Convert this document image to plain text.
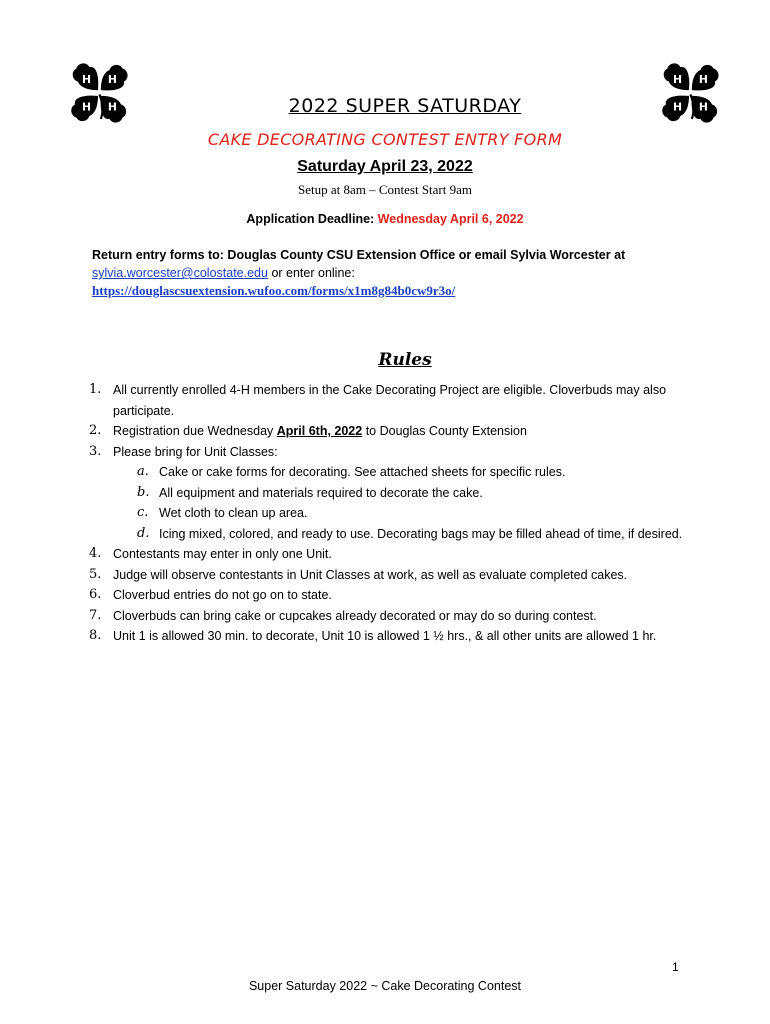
H H
H H
H H
H H
2022 SUPER SATURDAY
CAKE DECORATING CONTEST ENTRY FORM
Saturday April 23, 2022
Setup at 8am – Contest Start 9am
Application Deadline: Wednesday April 6, 2022
Return entry forms to: Douglas County CSU Extension Office or email Sylvia Worcester at
sylvia.worcester@colostate.edu or enter online:
https://douglascsuextension.wufoo.com/forms/x1m8g84b0cw9r3o/
Rules
1. All currently enrolled 4-H members in the Cake Decorating Project are eligible. Cloverbuds may also participate.
2. Registration due Wednesday April 6th, 2022 to Douglas County Extension
3. Please bring for Unit Classes:
a. Cake or cake forms for decorating. See attached sheets for specific rules.
b. All equipment and materials required to decorate the cake.
c. Wet cloth to clean up area.
d. Icing mixed, colored, and ready to use. Decorating bags may be filled ahead of time, if desired.
4. Contestants may enter in only one Unit.
5. Judge will observe contestants in Unit Classes at work, as well as evaluate completed cakes.
6. Cloverbud entries do not go on to state.
7. Cloverbuds can bring cake or cupcakes already decorated or may do so during contest.
8. Unit 1 is allowed 30 min. to decorate, Unit 10 is allowed 1 ½ hrs., & all other units are allowed 1 hr.
1
Super Saturday 2022 ~ Cake Decorating Contest
